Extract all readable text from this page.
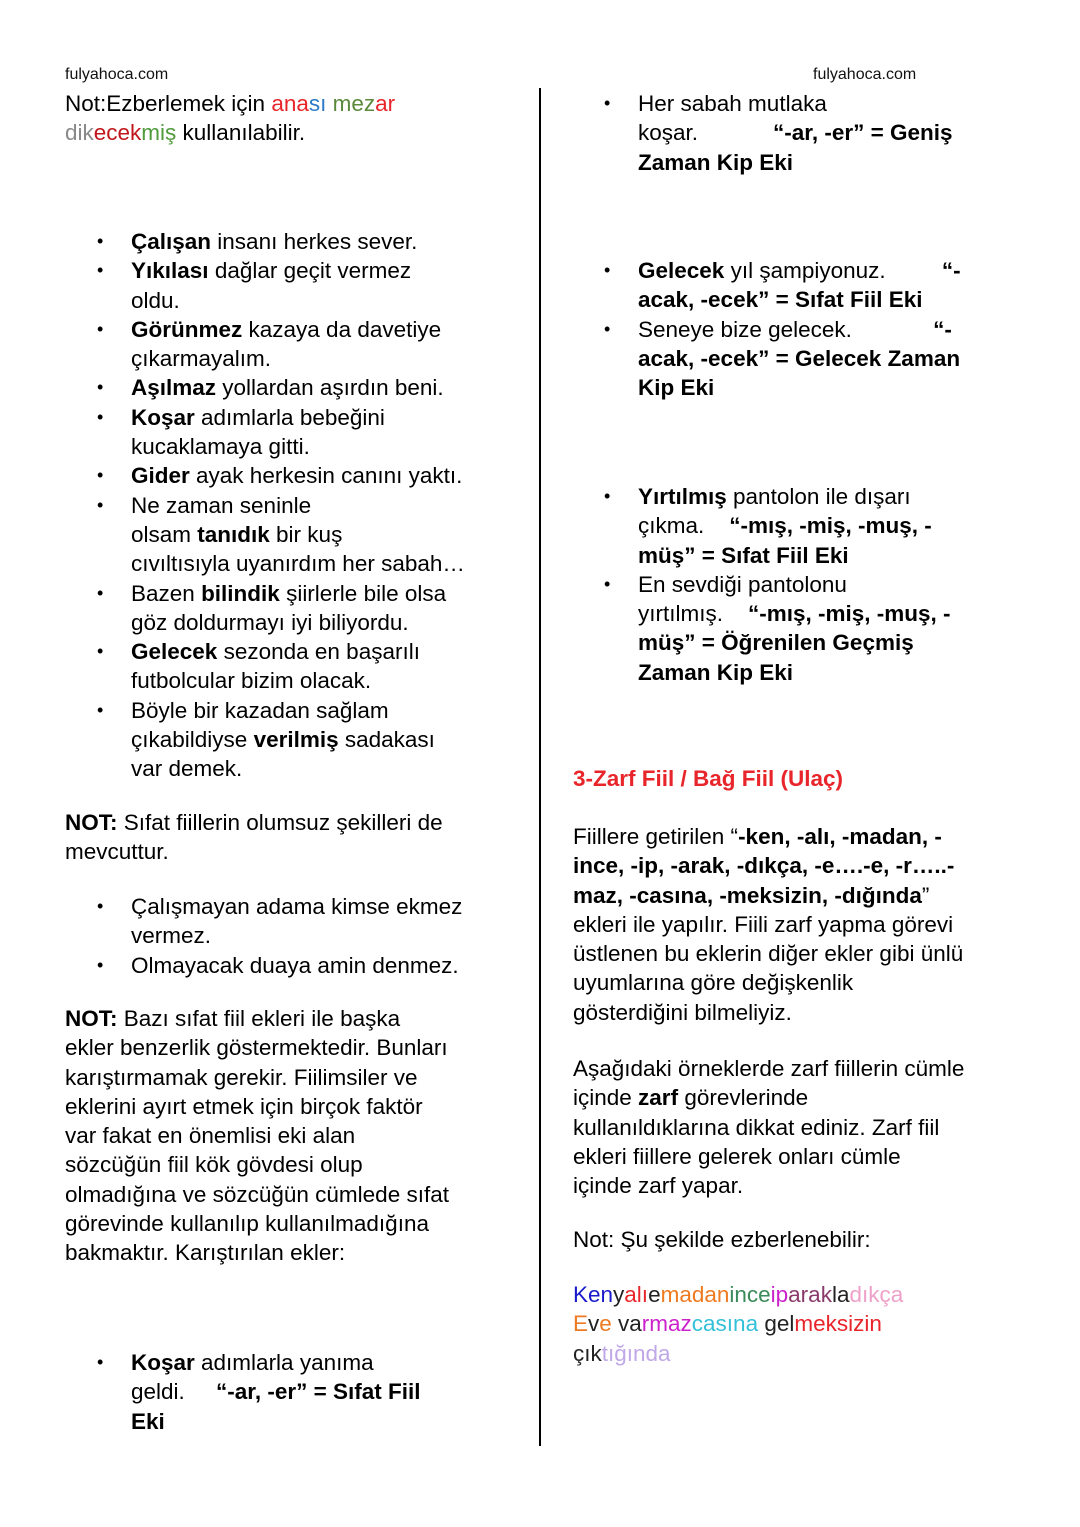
fulyahoca.com	fulyahoca.com
Not:Ezberlemek için anası mezar
dikecekmiş kullanılabilir.
• Çalışan insanı herkes sever.
• Yıkılası dağlar geçit vermez
oldu.
• Görünmez kazaya da davetiye
çıkarmayalım.
• Aşılmaz yollardan aşırdın beni.
• Koşar adımlarla bebeğini
kucaklamaya gitti.
• Gider ayak herkesin canını yaktı.
• Ne zaman seninle
olsam tanıdık bir kuş
cıvıltısıyla uyanırdım her sabah…
• Bazen bilindik şiirlerle bile olsa
göz doldurmayı iyi biliyordu.
• Gelecek sezonda en başarılı
futbolcular bizim olacak.
• Böyle bir kazadan sağlam
çıkabildiyse verilmiş sadakası
var demek.
NOT: Sıfat fiillerin olumsuz şekilleri de
mevcuttur.
• Çalışmayan adama kimse ekmez
vermez.
• Olmayacak duaya amin denmez.
NOT: Bazı sıfat fiil ekleri ile başka
ekler benzerlik göstermektedir. Bunları
karıştırmamak gerekir. Fiilimsiler ve
eklerini ayırt etmek için birçok faktör
var fakat en önemlisi eki alan
sözcüğün fiil kök gövdesi olup
olmadığına ve sözcüğün cümlede sıfat
görevinde kullanılıp kullanılmadığına
bakmaktır. Karıştırılan ekler:
• Koşar adımlarla yanıma
geldi.     “-ar, -er” = Sıfat Fiil
Eki
• Her sabah mutlaka
koşar.	“-ar, -er” = Geniş
Zaman Kip Eki
• Gelecek yıl şampiyonuz.         “-
acak, -ecek” = Sıfat Fiil Eki
• Seneye bize gelecek.             “-
acak, -ecek” = Gelecek Zaman
Kip Eki
• Yırtılmış pantolon ile dışarı
çıkma.    “-mış, -miş, -muş, -
müş” = Sıfat Fiil Eki
• En sevdiği pantolonu
yırtılmış.    “-mış, -miş, -muş, -
müş” = Öğrenilen Geçmiş
Zaman Kip Eki
3-Zarf Fiil / Bağ Fiil (Ulaç)
Fiillere getirilen “-ken, -alı, -madan, -
ince, -ip, -arak, -dıkça, -e….-e, -r…..-
maz, -casına, -meksizin, -dığında”
ekleri ile yapılır. Fiili zarf yapma görevi
üstlenen bu eklerin diğer ekler gibi ünlü
uyumlarına göre değişkenlik
gösterdiğini bilmeliyiz.
Aşağıdaki örneklerde zarf fiillerin cümle
içinde zarf görevlerinde
kullanıldıklarına dikkat ediniz. Zarf fiil
ekleri fiillere gelerek onları cümle
içinde zarf yapar.
Not: Şu şekilde ezberlenebilir:
Kenyalıemadaninceiparakladıkça
Eve varmazcasına gelmeksizin
çıktığında
